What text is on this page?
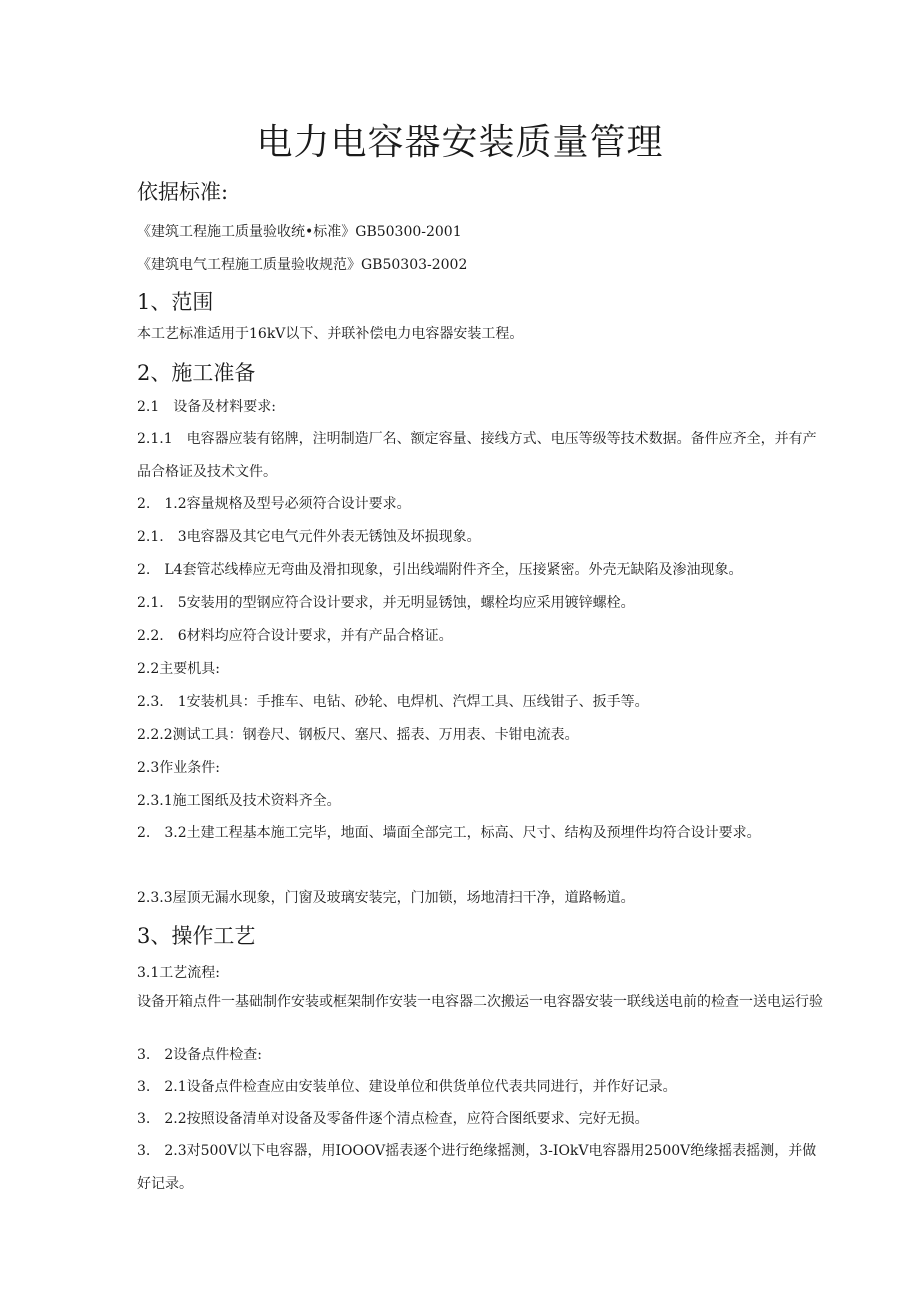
电力电容器安装质量管理
依据标准:
《建筑工程施工质量验收统•标准》GB50300-2001
《建筑电气工程施工质量验收规范》GB50303-2002
1、范围
本工艺标准适用于16kV以下、并联补偿电力电容器安装工程。
2、施工准备
2.1　设备及材料要求:
2.1.1　电容器应装有铭牌，注明制造厂名、额定容量、接线方式、电压等级等技术数据。备件应齐全，并有产品合格证及技术文件。
2.　1.2容量规格及型号必须符合设计要求。
2.1.　3电容器及其它电气元件外表无锈蚀及坏损现象。
2.　L4套管芯线棒应无弯曲及滑扣现象，引出线端附件齐全，压接紧密。外壳无缺陷及渗油现象。
2.1.　5安装用的型钢应符合设计要求，并无明显锈蚀，螺栓均应采用镀锌螺栓。
2.2.　6材料均应符合设计要求，并有产品合格证。
2.2主要机具:
2.3.　1安装机具：手推车、电钻、砂轮、电焊机、汽焊工具、压线钳子、扳手等。
2.2.2测试工具：钢卷尺、钢板尺、塞尺、摇表、万用表、卡钳电流表。
2.3作业条件:
2.3.1施工图纸及技术资料齐全。
2.　3.2土建工程基本施工完毕，地面、墙面全部完工，标高、尺寸、结构及预埋件均符合设计要求。
2.3.3屋顶无漏水现象，门窗及玻璃安装完，门加锁，场地清扫干净，道路畅道。
3、操作工艺
3.1工艺流程:
设备开箱点件一基础制作安装或框架制作安装一电容器二次搬运一电容器安装一联线送电前的检查一送电运行验
3.　2设备点件检查:
3.　2.1设备点件检查应由安装单位、建设单位和供货单位代表共同进行，并作好记录。
3.　2.2按照设备清单对设备及零备件逐个清点检查，应符合图纸要求、完好无损。
3.　2.3对500V以下电容器，用IOOOV摇表逐个进行绝缘摇测，3-IOkV电容器用2500V绝缘摇表摇测，并做好记录。
